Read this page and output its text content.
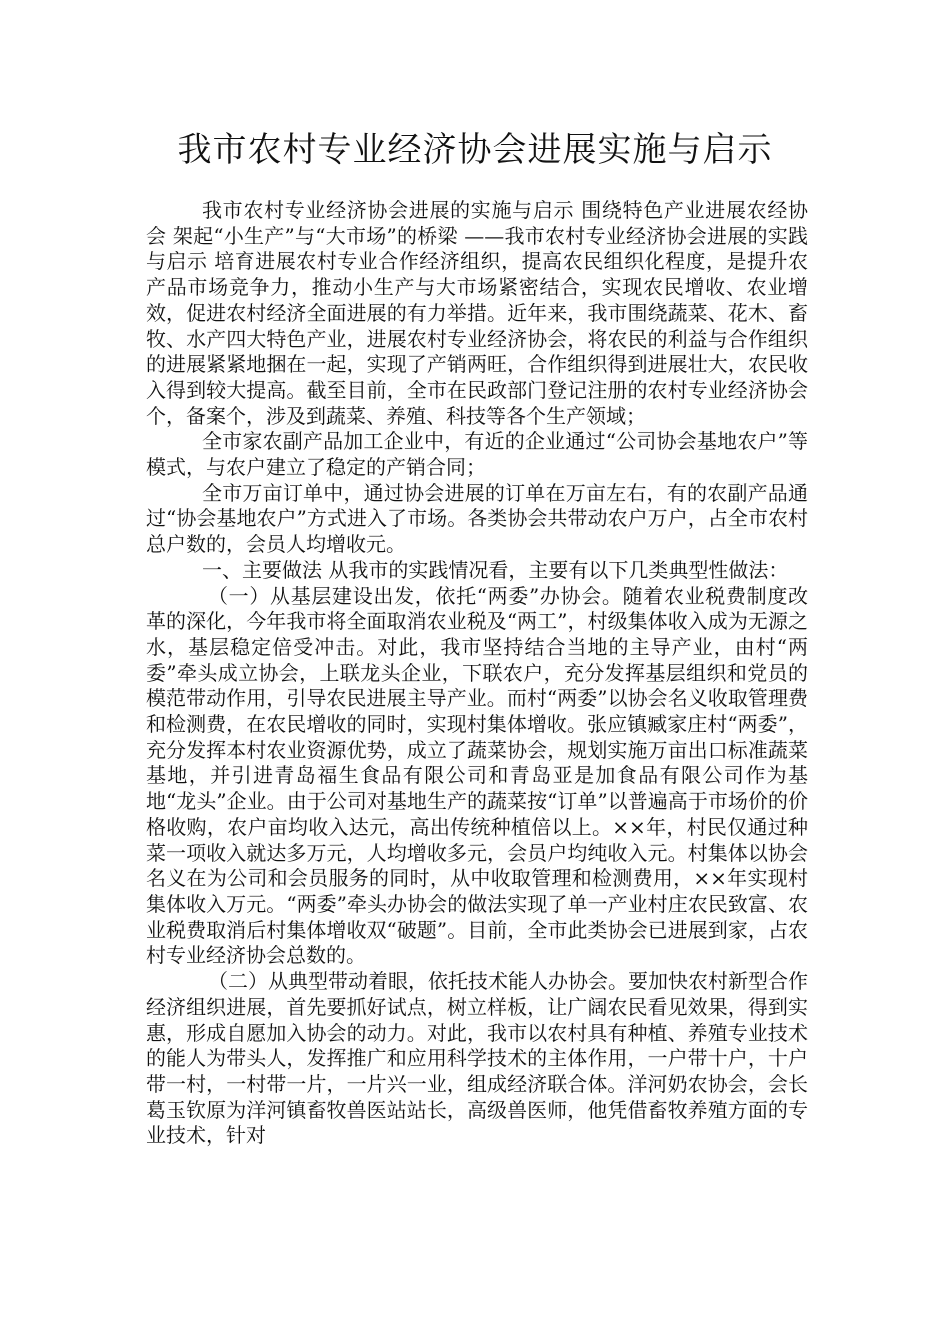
我市农村专业经济协会进展实施与启示

我市农村专业经济协会进展的实施与启示 围绕特色产业进展农经协会 架起“小生产”与“大市场”的桥梁 ——我市农村专业经济协会进展的实践与启示 培育进展农村专业合作经济组织，提高农民组织化程度，是提升农产品市场竞争力，推动小生产与大市场紧密结合，实现农民增收、农业增效，促进农村经济全面进展的有力举措。近年来，我市围绕蔬菜、花木、畜牧、水产四大特色产业，进展农村专业经济协会，将农民的利益与合作组织的进展紧紧地捆在一起，实现了产销两旺，合作组织得到进展壮大，农民收入得到较大提高。截至目前，全市在民政部门登记注册的农村专业经济协会个，备案个，涉及到蔬菜、养殖、科技等各个生产领域；

全市家农副产品加工企业中，有近的企业通过“公司协会基地农户”等模式，与农户建立了稳定的产销合同；

全市万亩订单中，通过协会进展的订单在万亩左右，有的农副产品通过“协会基地农户”方式进入了市场。各类协会共带动农户万户，占全市农村总户数的，会员人均增收元。

一、主要做法 从我市的实践情况看，主要有以下几类典型性做法：

（一）从基层建设出发，依托“两委”办协会。随着农业税费制度改革的深化，今年我市将全面取消农业税及“两工”，村级集体收入成为无源之水，基层稳定倍受冲击。对此，我市坚持结合当地的主导产业，由村“两委”牵头成立协会，上联龙头企业，下联农户，充分发挥基层组织和党员的模范带动作用，引导农民进展主导产业。而村“两委”以协会名义收取管理费和检测费，在农民增收的同时，实现村集体增收。张应镇臧家庄村“两委”，充分发挥本村农业资源优势，成立了蔬菜协会，规划实施万亩出口标准蔬菜基地，并引进青岛福生食品有限公司和青岛亚是加食品有限公司作为基地“龙头”企业。由于公司对基地生产的蔬菜按“订单”以普遍高于市场价的价格收购，农户亩均收入达元，高出传统种植倍以上。××年，村民仅通过种菜一项收入就达多万元，人均增收多元，会员户均纯收入元。村集体以协会名义在为公司和会员服务的同时，从中收取管理和检测费用，××年实现村集体收入万元。“两委”牵头办协会的做法实现了单一产业村庄农民致富、农业税费取消后村集体增收双“破题”。目前，全市此类协会已进展到家，占农村专业经济协会总数的。

（二）从典型带动着眼，依托技术能人办协会。要加快农村新型合作经济组织进展，首先要抓好试点，树立样板，让广阔农民看见效果，得到实惠，形成自愿加入协会的动力。对此，我市以农村具有种植、养殖专业技术的能人为带头人，发挥推广和应用科学技术的主体作用，一户带十户，十户带一村，一村带一片，一片兴一业，组成经济联合体。洋河奶农协会，会长葛玉钦原为洋河镇畜牧兽医站站长，高级兽医师，他凭借畜牧养殖方面的专业技术，针对
